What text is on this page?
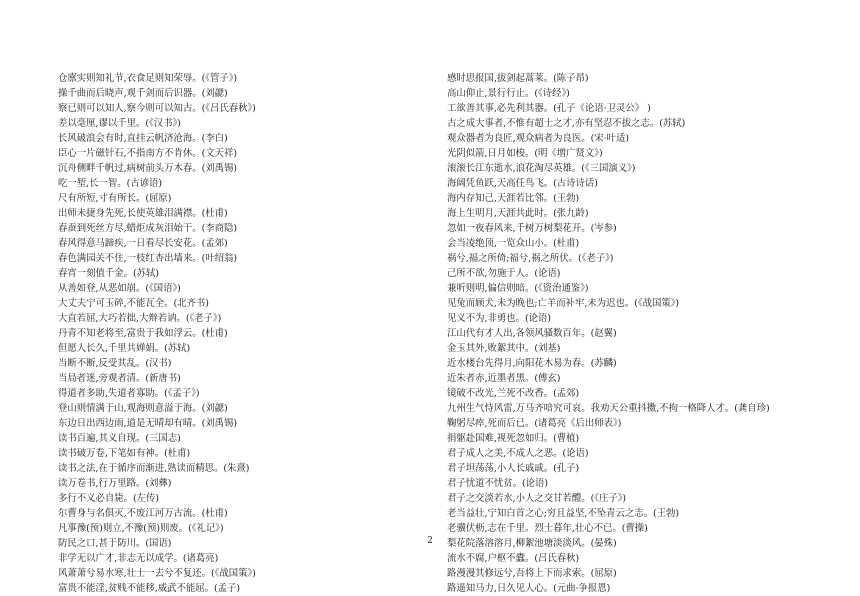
仓廪实则知礼节,衣食足则知荣辱。(《管子》)
操千曲而后晓声,观千剑而后识器。(刘勰)
察已则可以知人,察今则可以知古。(《吕氏春秋》)
差以毫厘,谬以千里。(《汉书》)
长风破浪会有时,直挂云帆济沧海。(李白)
臣心一片磁针石,不指南方不肯休。(文天祥)
沉舟侧畔千帆过,病树前头万木春。(刘禹锡)
吃一堑,长一智。(古谚语)
尺有所短,寸有所长。(屈原)
出师未捷身先死,长使英雄泪满襟。(杜甫)
春蚕到死丝方尽,蜡炬成灰泪始干。(李商隐)
春风得意马蹄疾,一日看尽长安花。(孟郊)
春色满园关不住,一枝红杏出墙来。(叶绍翁)
春宵一刻值千金。(苏轼)
从善如登,从恶如崩。(《国语》)
大丈夫宁可玉碎,不能瓦全。(北齐书)
大直若屈,大巧若拙,大辩若讷。(《老子》)
丹青不知老将至,富贵于我如浮云。(杜甫)
但愿人长久,千里共婵娟。(苏轼)
当断不断,反受其乱。(汉书)
当局者迷,旁观者清。(新唐书)
得道者多助,失道者寡助。(《孟子》)
登山则情满于山,观海则意溢于海。(刘勰)
东边日出西边雨,道是无晴却有晴。(刘禹锡)
读书百遍,其义自现。(三国志)
读书破万卷,下笔如有神。(杜甫)
读书之法,在于循序而渐进,熟读而精思。(朱熹)
读万卷书,行万里路。(刘彝)
多行不义必自毙。(左传)
尔曹身与名俱灭,不废江河万古流。(杜甫)
凡事豫(预)则立,不豫(预)则废。(《礼记》)
防民之口,甚于防川。(国语)
非学无以广才,非志无以成学。(诸葛亮)
风萧萧兮易水寒,壮士一去兮不复还。(《战国策》)
富贵不能淫,贫贱不能移,威武不能屈。(孟子)
感时思报国,拔剑起蒿莱。(陈子昂)
高山仰止,景行行止。(《诗经》)
工欲善其事,必先利其器。(孔子《论语·卫灵公》 )
古之成大事者,不惟有超士之才,亦有坚忍不拔之志。(苏轼)
观众器者为良匠,观众病者为良医。(宋·叶适)
光阴似箭,日月如梭。(明《增广贤文》)
滚滚长江东逝水,浪花淘尽英雄。(《三国演义》)
海阔凭鱼跃,天高任鸟飞。(古诗诗话)
海内存知己,天涯若比邻。(王勃)
海上生明月,天涯共此时。(张九龄)
忽如一夜春风来,千树万树梨花开。(岑参)
会当凌绝顶,一览众山小。(杜甫)
祸兮,福之所倚;福兮,祸之所伏。(《老子》)
己所不欲,勿施于人。(论语)
兼听则明,偏信则暗。(《资治通鉴》)
见兔而顾犬,未为晚也;亡羊而补牢,未为迟也。(《战国策》)
见义不为,非勇也。(论语)
江山代有才人出,各领风骚数百年。(赵翼)
金玉其外,败絮其中。(刘基)
近水楼台先得月,向阳花木易为春。(苏麟)
近朱者赤,近墨者黑。(傅玄)
镜破不改光,兰死不改香。(孟郊)
九州生气恃风雷,万马齐喑究可哀。我劝天公重抖擞,不拘一格降人才。(龚自珍)
鞠躬尽瘁,死而后已。(诸葛亮《后出师表》)
捐躯赴国难,视死忽如归。(曹植)
君子成人之美,不成人之恶。(论语)
君子坦荡荡,小人长戚戚。(孔子)
君子忧道不忧贫。(论语)
君子之交淡若水,小人之交甘若醴。(《庄子》)
老当益壮,宁知白首之心;穷且益坚,不坠青云之志。(王勃)
老骥伏枥,志在千里。烈士暮年,壮心不已。(曹操)
梨花院落溶溶月,柳絮池塘淡淡风。(晏殊)
流水不腐,户枢不蠹。(吕氏春秋)
路漫漫其修远兮,吾将上下而求索。(屈原)
路遥知马力,日久见人心。(元曲·争报恩)
2
